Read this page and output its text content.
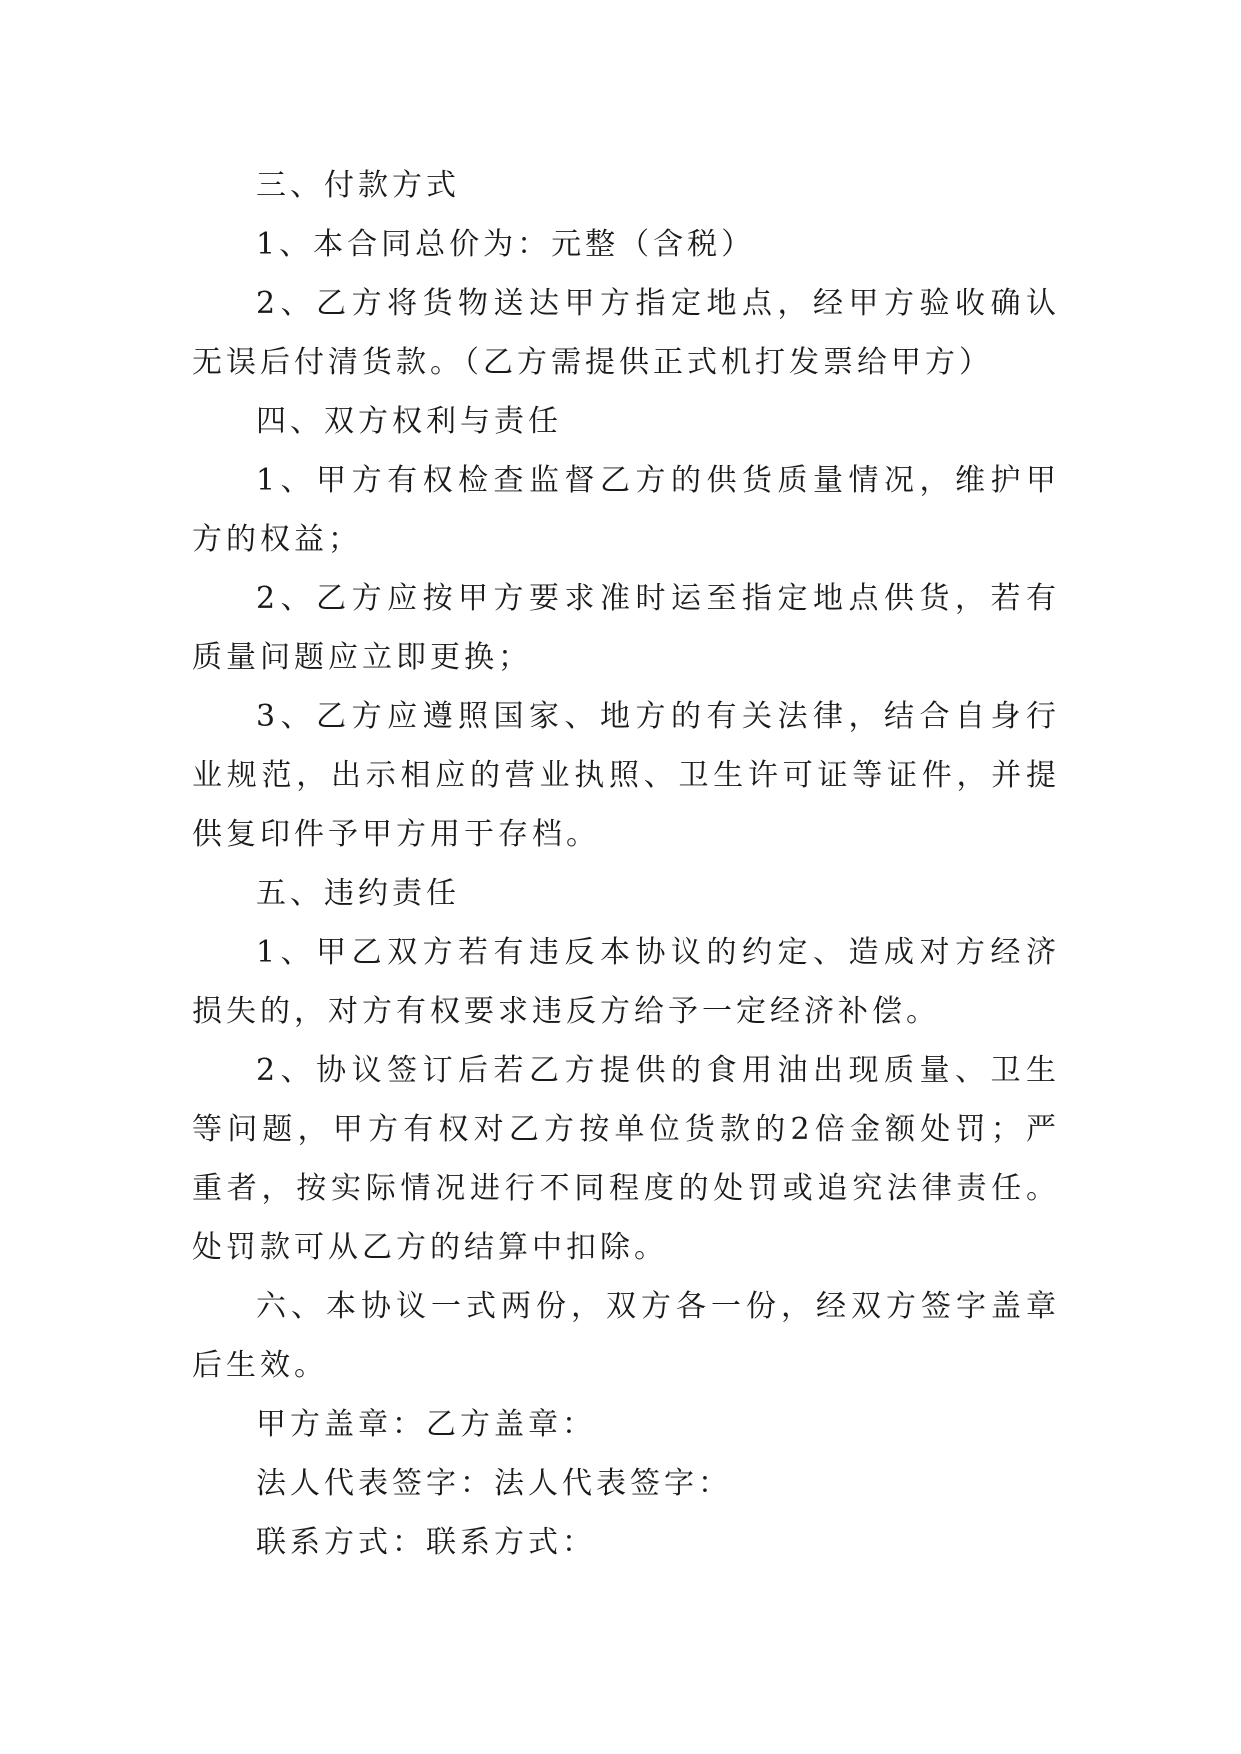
三、付款方式

1、本合同总价为：元整（含税）

2、乙方将货物送达甲方指定地点，经甲方验收确认无误后付清货款。（乙方需提供正式机打发票给甲方）

四、双方权利与责任

1、甲方有权检查监督乙方的供货质量情况，维护甲方的权益；

2、乙方应按甲方要求准时运至指定地点供货，若有质量问题应立即更换；

3、乙方应遵照国家、地方的有关法律，结合自身行业规范，出示相应的营业执照、卫生许可证等证件，并提供复印件予甲方用于存档。

五、违约责任

1、甲乙双方若有违反本协议的约定、造成对方经济损失的，对方有权要求违反方给予一定经济补偿。

2、协议签订后若乙方提供的食用油出现质量、卫生等问题，甲方有权对乙方按单位货款的2倍金额处罚；严重者，按实际情况进行不同程度的处罚或追究法律责任。处罚款可从乙方的结算中扣除。

六、本协议一式两份，双方各一份，经双方签字盖章后生效。

甲方盖章：乙方盖章：

法人代表签字：法人代表签字：

联系方式：联系方式：
